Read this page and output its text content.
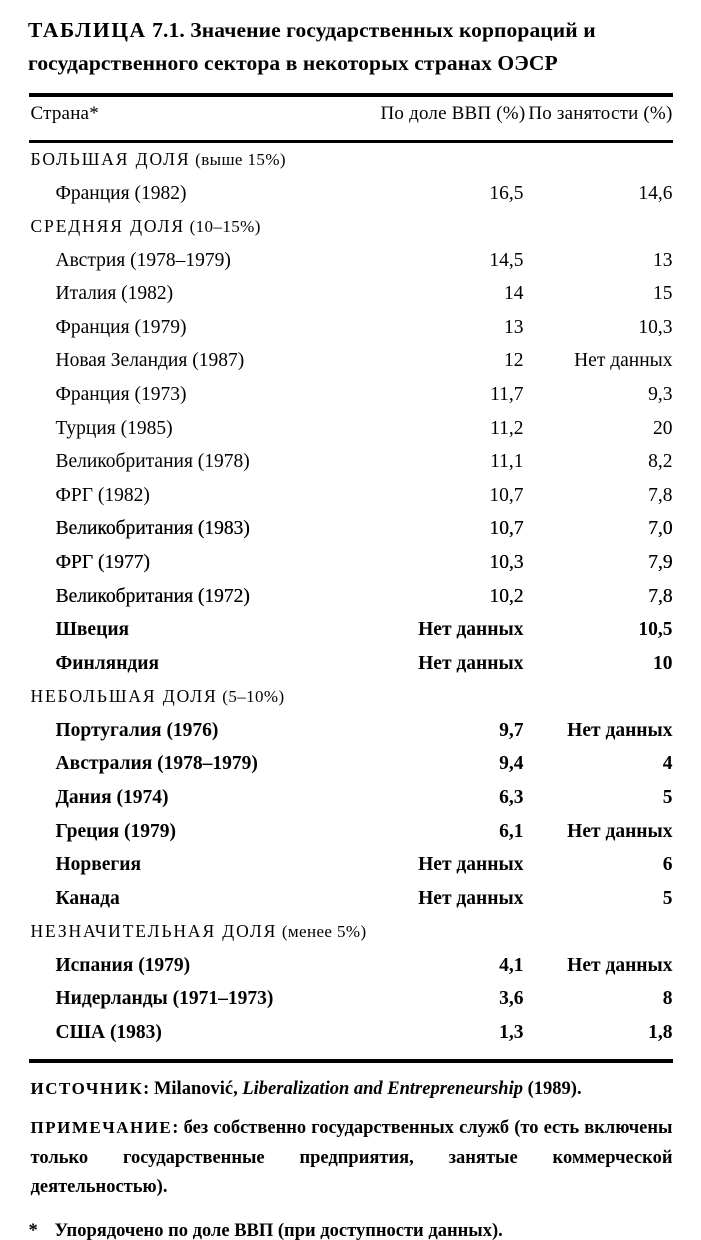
ТАБЛИЦА 7.1. Значение государственных корпораций и государственного сектора в некоторых странах ОЭСР
Страна*	По доле ВВП (%)	По занятости (%)
БОЛЬШАЯ ДОЛЯ (выше 15%)		
Франция (1982)	16,5	14,6
СРЕДНЯЯ ДОЛЯ (10–15%)		
Австрия (1978–1979)	14,5	13
Италия (1982)	14	15
Франция (1979)	13	10,3
Новая Зеландия (1987)	12	Нет данных
Франция (1973)	11,7	9,3
Турция (1985)	11,2	20
Великобритания (1978)	11,1	8,2
ФРГ (1982)	10,7	7,8
Великобритания (1983)	10,7	7,0
ФРГ (1977)	10,3	7,9
Великобритания (1972)	10,2	7,8
Швеция	Нет данных	10,5
Финляндия	Нет данных	10
НЕБОЛЬШАЯ ДОЛЯ (5–10%)		
Португалия (1976)	9,7	Нет данных
Австралия (1978–1979)	9,4	4
Дания (1974)	6,3	5
Греция (1979)	6,1	Нет данных
Норвегия	Нет данных	6
Канада	Нет данных	5
НЕЗНАЧИТЕЛЬНАЯ ДОЛЯ (менее 5%)		
Испания (1979)	4,1	Нет данных
Нидерланды (1971–1973)	3,6	8
США (1983)	1,3	1,8

ИСТОЧНИК: Milanović, Liberalization and Entrepreneurship (1989).

ПРИМЕЧАНИЕ: без собственно государственных служб (то есть включены только государственные предприятия, занятые коммерческой деятельностью).

* Упорядочено по доле ВВП (при доступности данных).
